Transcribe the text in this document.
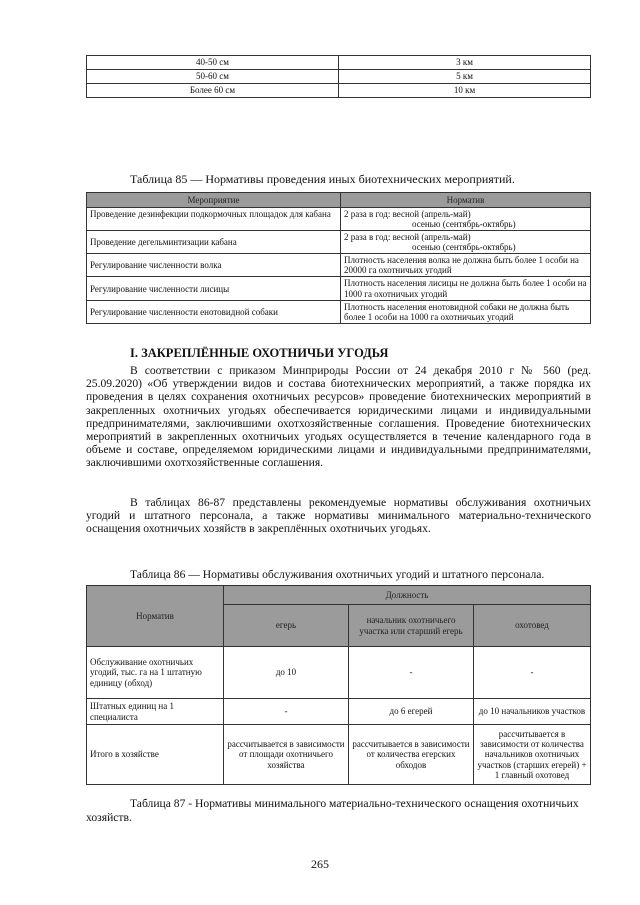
40-50 см	3 км
50-60 см	5 км
Более 60 см	10 км
Таблица 85 — Нормативы проведения иных биотехнических мероприятий.
Мероприятие	Норматив
Проведение дезинфекции подкормочных площадок для кабана	2 раза в год: весной (апрель-май)
осенью (сентябрь-октябрь)

Проведение дегельминтизации кабана	2 раза в год: весной (апрель-май)
осенью (сентябрь-октябрь)

Регулирование численности волка	Плотность населения волка не должна быть более 1 особи на 20000 га охотничьих угодий
Регулирование численности лисицы	Плотность населения лисицы не должна быть более 1 особи на 1000 га охотничьих угодий
Регулирование численности енотовидной собаки	Плотность населения енотовидной собаки не должна быть более 1 особи на 1000 га охотничьих угодий
I. ЗАКРЕПЛЁННЫЕ ОХОТНИЧЬИ УГОДЬЯ

В соответствии с приказом Минприроды России от 24 декабря 2010 г № 560 (ред. 25.09.2020) «Об утверждении видов и состава биотехнических мероприятий, а также порядка их проведения в целях сохранения охотничьих ресурсов» проведение биотехнических мероприятий в закрепленных охотничьих угодьях обеспечивается юридическими лицами и индивидуальными предпринимателями, заключившими охотхозяйственные соглашения. Проведение биотехнических мероприятий в закрепленных охотничьих угодьях осуществляется в течение календарного года в объеме и составе, определяемом юридическими лицами и индивидуальными предпринимателями, заключившими охотхозяйственные соглашения.

В таблицах 86-87 представлены рекомендуемые нормативы обслуживания охотничьих угодий и штатного персонала, а также нормативы минимального материально-технического оснащения охотничьих хозяйств в закреплённых охотничьих угодьях.

Таблица 86 — Нормативы обслуживания охотничьих угодий и штатного персонала.
Норматив	Должность		
	егерь	начальник охотничьего участка или старший егерь	охотовед
Обслуживание охотничьих угодий, тыс. га на 1 штатную единицу (обход)	до 10	-	-
Штатных единиц на 1 специалиста	-	до 6 егерей	до 10 начальников участков
Итого в хозяйстве	рассчитывается в зависимости от площади охотничьего хозяйства	рассчитывается в зависимости от количества егерских обходов	рассчитывается в зависимости от количества начальников охотничьих участков (старших егерей) + 1 главный охотовед

Таблица 87 - Нормативы минимального материально-технического оснащения охотничьих хозяйств.

265
